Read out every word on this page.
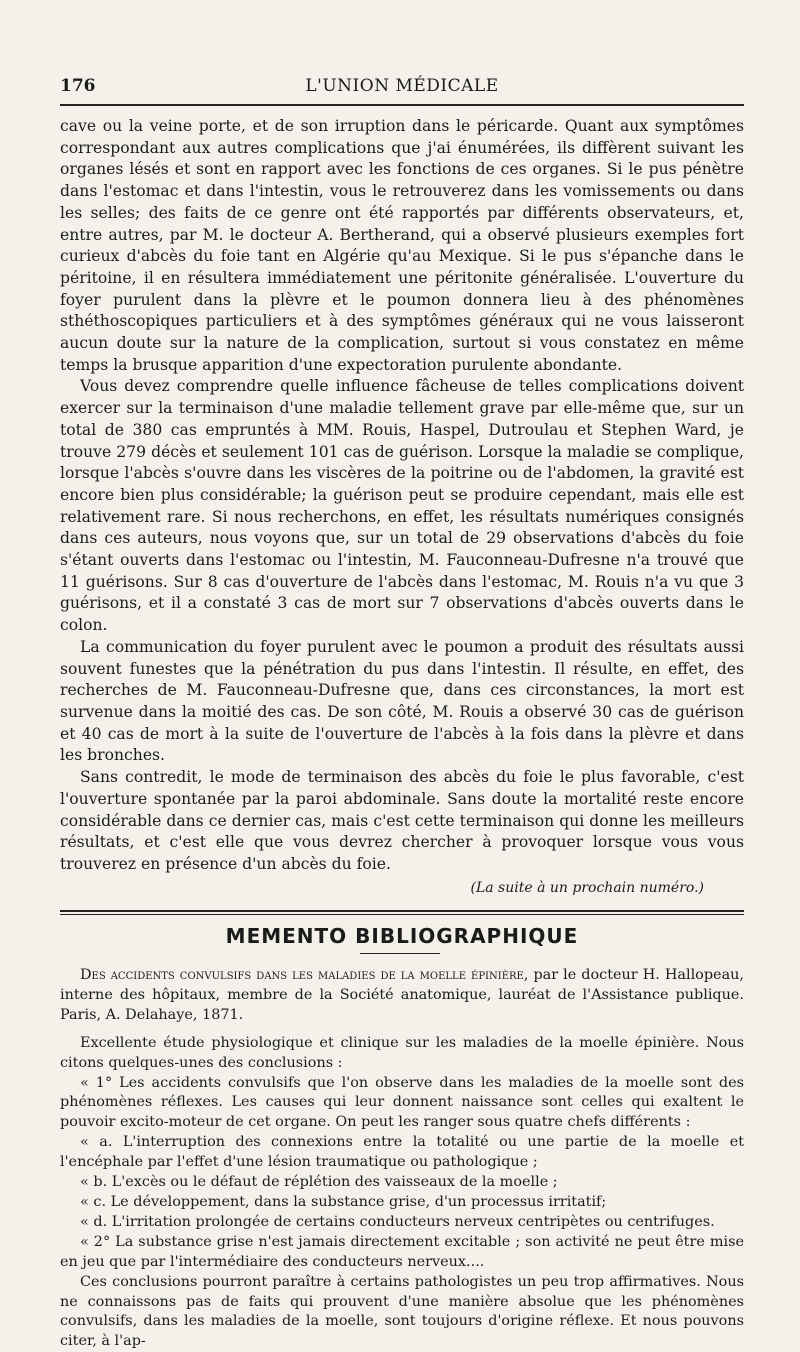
176	L'UNION MÉDICALE

cave ou la veine porte, et de son irruption dans le péricarde. Quant aux symptômes correspondant aux autres complications que j'ai énumérées, ils diffèrent suivant les organes lésés et sont en rapport avec les fonctions de ces organes. Si le pus pénètre dans l'estomac et dans l'intestin, vous le retrouverez dans les vomissements ou dans les selles; des faits de ce genre ont été rapportés par différents observateurs, et, entre autres, par M. le docteur A. Bertherand, qui a observé plusieurs exemples fort curieux d'abcès du foie tant en Algérie qu'au Mexique. Si le pus s'épanche dans le péritoine, il en résultera immédiatement une péritonite généralisée. L'ouverture du foyer purulent dans la plèvre et le poumon donnera lieu à des phénomènes sthéthoscopiques particuliers et à des symptômes généraux qui ne vous laisseront aucun doute sur la nature de la complication, surtout si vous constatez en même temps la brusque apparition d'une expectoration purulente abondante.

Vous devez comprendre quelle influence fâcheuse de telles complications doivent exercer sur la terminaison d'une maladie tellement grave par elle-même que, sur un total de 380 cas empruntés à MM. Rouis, Haspel, Dutroulau et Stephen Ward, je trouve 279 décès et seulement 101 cas de guérison. Lorsque la maladie se complique, lorsque l'abcès s'ouvre dans les viscères de la poitrine ou de l'abdomen, la gravité est encore bien plus considérable; la guérison peut se produire cependant, mais elle est relativement rare. Si nous recherchons, en effet, les résultats numériques consignés dans ces auteurs, nous voyons que, sur un total de 29 observations d'abcès du foie s'étant ouverts dans l'estomac ou l'intestin, M. Fauconneau-Dufresne n'a trouvé que 11 guérisons. Sur 8 cas d'ouverture de l'abcès dans l'estomac, M. Rouis n'a vu que 3 guérisons, et il a constaté 3 cas de mort sur 7 observations d'abcès ouverts dans le colon.

La communication du foyer purulent avec le poumon a produit des résultats aussi souvent funestes que la pénétration du pus dans l'intestin. Il résulte, en effet, des recherches de M. Fauconneau-Dufresne que, dans ces circonstances, la mort est survenue dans la moitié des cas. De son côté, M. Rouis a observé 30 cas de guérison et 40 cas de mort à la suite de l'ouverture de l'abcès à la fois dans la plèvre et dans les bronches.

Sans contredit, le mode de terminaison des abcès du foie le plus favorable, c'est l'ouverture spontanée par la paroi abdominale. Sans doute la mortalité reste encore considérable dans ce dernier cas, mais c'est cette terminaison qui donne les meilleurs résultats, et c'est elle que vous devrez chercher à provoquer lorsque vous vous trouverez en présence d'un abcès du foie.

(La suite à un prochain numéro.)
MEMENTO BIBLIOGRAPHIQUE

Des accidents convulsifs dans les maladies de la moelle épinière, par le docteur H. Hallopeau, interne des hôpitaux, membre de la Société anatomique, lauréat de l'Assistance publique. Paris, A. Delahaye, 1871.

Excellente étude physiologique et clinique sur les maladies de la moelle épinière. Nous citons quelques-unes des conclusions :

« 1° Les accidents convulsifs que l'on observe dans les maladies de la moelle sont des phénomènes réflexes. Les causes qui leur donnent naissance sont celles qui exaltent le pouvoir excito-moteur de cet organe. On peut les ranger sous quatre chefs différents :

« a. L'interruption des connexions entre la totalité ou une partie de la moelle et l'encéphale par l'effet d'une lésion traumatique ou pathologique ;

« b. L'excès ou le défaut de réplétion des vaisseaux de la moelle ;

« c. Le développement, dans la substance grise, d'un processus irritatif;

« d. L'irritation prolongée de certains conducteurs nerveux centripètes ou centrifuges.

« 2° La substance grise n'est jamais directement excitable ; son activité ne peut être mise en jeu que par l'intermédiaire des conducteurs nerveux....

Ces conclusions pourront paraître à certains pathologistes un peu trop affirmatives. Nous ne connaissons pas de faits qui prouvent d'une manière absolue que les phénomènes convulsifs, dans les maladies de la moelle, sont toujours d'origine réflexe. Et nous pouvons citer, à l'ap-
